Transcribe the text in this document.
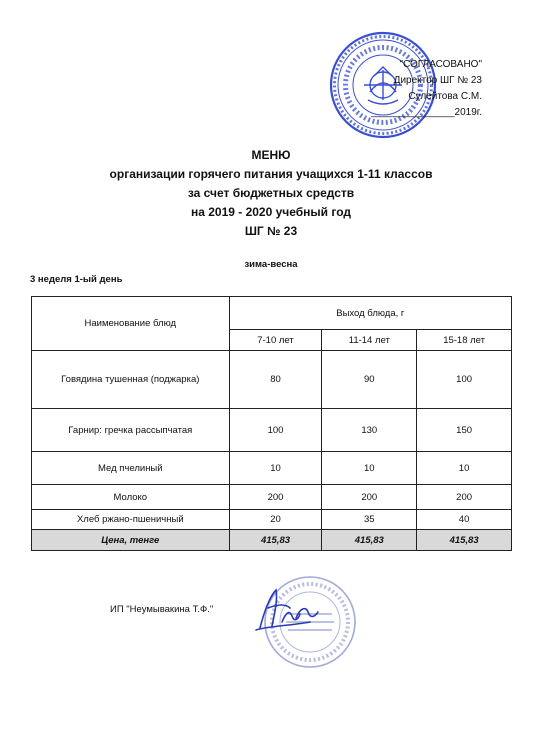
"СОГЛАСОВАНО"
Директор ШГ № 23
Сулейтова С.М.
_______________2019г.
МЕНЮ
организации горячего питания учащихся 1-11 классов
за счет бюджетных средств
на 2019 - 2020 учебный год
ШГ № 23
зима-весна
3 неделя 1-ый день
Наименование блюд	Выход блюда, г		
	7-10 лет	11-14 лет	15-18 лет
Говядина тушенная (поджарка)	80	90	100
Гарнир: гречка рассыпчатая	100	130	150
Мед пчелиный	10	10	10
Молоко	200	200	200
Хлеб ржано-пшеничный	20	35	40
Цена, тенге	415,83	415,83	415,83
ИП "Неумывакина Т.Ф."
